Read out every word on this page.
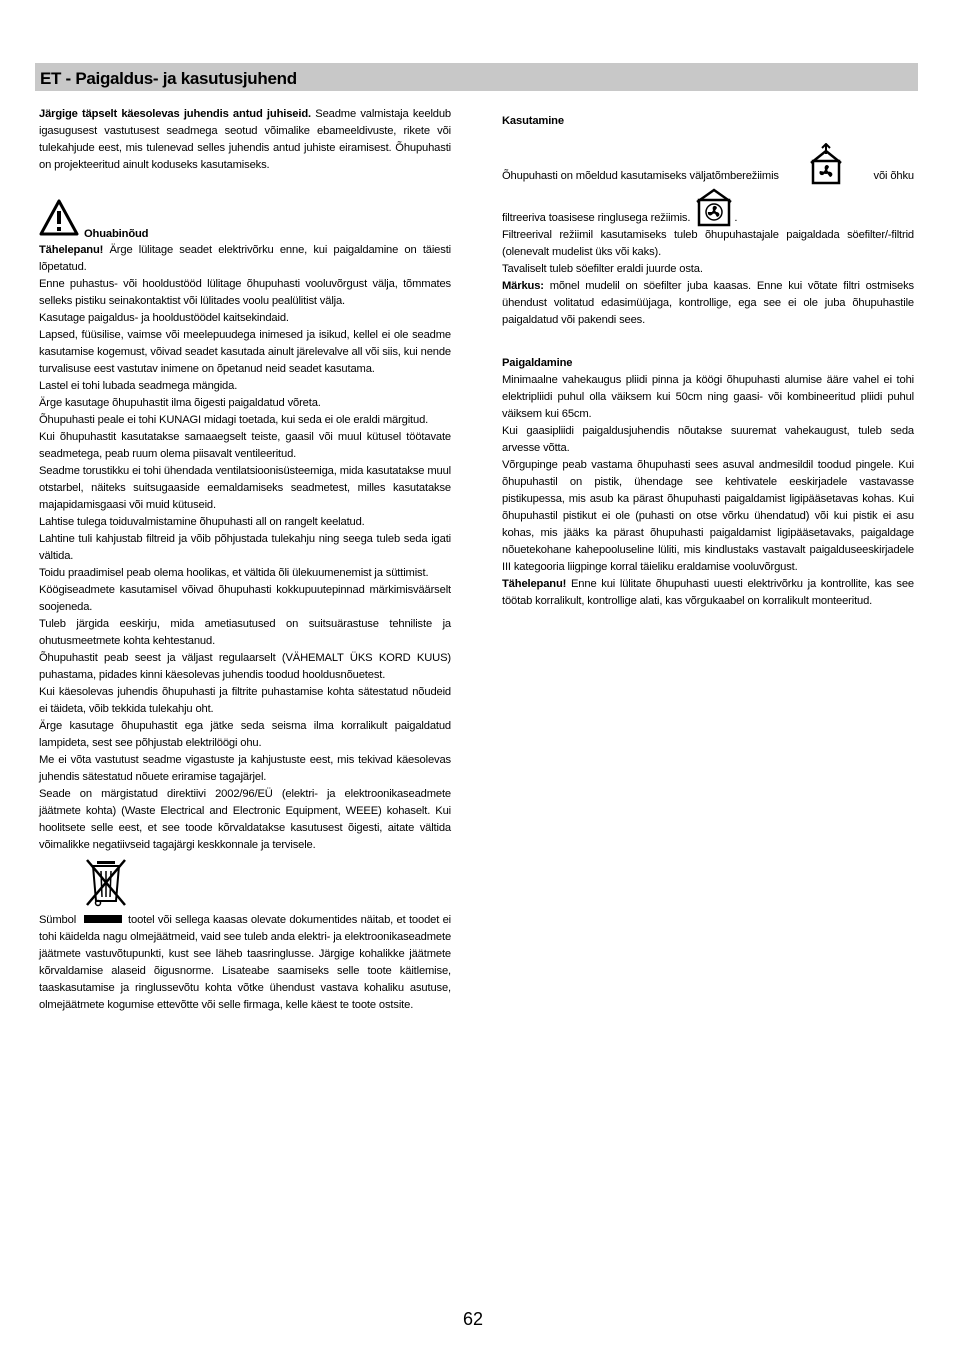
ET - Paigaldus- ja kasutusjuhend

Järgige täpselt käesolevas juhendis antud juhiseid. Seadme valmistaja keeldub igasugusest vastutusest seadmega seotud võimalike ebameeldivuste, rikete või tulekahjude eest, mis tulenevad selles juhendis antud juhiste eiramisest. Õhupuhasti on projekteeritud ainult koduseks kasutamiseks.

Ohuabinõud

Tähelepanu! Ärge lülitage seadet elektrivõrku enne, kui paigaldamine on täiesti lõpetatud.

Enne puhastus- või hooldustööd lülitage õhupuhasti vooluvõrgust välja, tõmmates selleks pistiku seinakontaktist või lülitades voolu pealülitist välja.

Kasutage paigaldus- ja hooldustöödel kaitsekindaid.

Lapsed, füüsilise, vaimse või meelepuudega inimesed ja isikud, kellel ei ole seadme kasutamise kogemust, võivad seadet kasutada ainult järelevalve all või siis, kui nende turvalisuse eest vastutav inimene on õpetanud neid seadet kasutama.

Lastel ei tohi lubada seadmega mängida.

Ärge kasutage õhupuhastit ilma õigesti paigaldatud võreta.

Õhupuhasti peale ei tohi KUNAGI midagi toetada, kui seda ei ole eraldi märgitud.

Kui õhupuhastit kasutatakse samaaegselt teiste, gaasil või muul kütusel töötavate seadmetega, peab ruum olema piisavalt ventileeritud.

Seadme torustikku ei tohi ühendada ventilatsioonisüsteemiga, mida kasutatakse muul otstarbel, näiteks suitsugaaside eemaldamiseks seadmetest, milles kasutatakse majapidamisgaasi või muid kütuseid.

Lahtise tulega toiduvalmistamine õhupuhasti all on rangelt keelatud.

Lahtine tuli kahjustab filtreid ja võib põhjustada tulekahju ning seega tuleb seda igati vältida.

Toidu praadimisel peab olema hoolikas, et vältida õli ülekuumenemist ja süttimist.

Köögiseadmete kasutamisel võivad õhupuhasti kokkupuutepinnad märkimisväärselt soojeneda.

Tuleb järgida eeskirju, mida ametiasutused on suitsuärastuse tehniliste ja ohutusmeetmete kohta kehtestanud.

Õhupuhastit peab seest ja väljast regulaarselt (VÄHEMALT ÜKS KORD KUUS) puhastama, pidades kinni käesolevas juhendis toodud hooldusnõuetest.

Kui käesolevas juhendis õhupuhasti ja filtrite puhastamise kohta sätestatud nõudeid ei täideta, võib tekkida tulekahju oht.

Ärge kasutage õhupuhastit ega jätke seda seisma ilma korralikult paigaldatud lampideta, sest see põhjustab elektrilöögi ohu.

Me ei võta vastutust seadme vigastuste ja kahjustuste eest, mis tekivad käesolevas juhendis sätestatud nõuete eriramise tagajärjel.

Seade on märgistatud direktiivi 2002/96/EÜ (elektri- ja elektroonikaseadmete jäätmete kohta) (Waste Electrical and Electronic Equipment, WEEE) kohaselt. Kui hoolitsete selle eest, et see toode kõrvaldatakse kasutusest õigesti, aitate vältida võimalikke negatiivseid tagajärgi keskkonnale ja tervisele.

Sümbol	tootel või sellega kaasas olevate dokumentides näitab, et toodet ei tohi käidelda nagu olmejäätmeid, vaid see tuleb anda elektri- ja elektroonikaseadmete jäätmete vastuvõtupunkti, kust see läheb taasringlusse. Järgige kohalikke jäätmete kõrvaldamise alaseid õigusnorme. Lisateabe saamiseks selle toote käitlemise, taaskasutamise ja ringlussevõtu kohta võtke ühendust vastava kohaliku asutuse, olmejäätmete kogumise ettevõtte või selle firmaga, kelle käest te toote ostsite.

Kasutamine

Õhupuhasti on mõeldud kasutamiseks väljatõmberežiimis	või õhku
filtreeriva toasisese ringlusega režiimis.	.

Filtreerival režiimil kasutamiseks tuleb õhupuhastajale paigaldada söefilter/-filtrid (olenevalt mudelist üks või kaks).

Tavaliselt tuleb söefilter eraldi juurde osta.

Märkus: mõnel mudelil on söefilter juba kaasas. Enne kui võtate filtri ostmiseks ühendust volitatud edasimüüjaga, kontrollige, ega see ei ole juba õhupuhastile paigaldatud või pakendi sees.

Paigaldamine

Minimaalne vahekaugus pliidi pinna ja köögi õhupuhasti alumise ääre vahel ei tohi elektripliidi puhul olla väiksem kui 50cm ning gaasi- või kombineeritud pliidi puhul väiksem kui 65cm.

Kui gaasipliidi paigaldusjuhendis nõutakse suuremat vahekaugust, tuleb seda arvesse võtta.

Võrgupinge peab vastama õhupuhasti sees asuval andmesildil toodud pingele. Kui õhupuhastil on pistik, ühendage see kehtivatele eeskirjadele vastavasse pistikupessa, mis asub ka pärast õhupuhasti paigaldamist ligipääsetavas kohas. Kui õhupuhastil pistikut ei ole (puhasti on otse võrku ühendatud) või kui pistik ei asu kohas, mis jääks ka pärast õhupuhasti paigaldamist ligipääsetavaks, paigaldage nõuetekohane kahepooluseline lüliti, mis kindlustaks vastavalt paigalduseeskirjadele III kategooria liigpinge korral täieliku eraldamise vooluvõrgust.

Tähelepanu! Enne kui lülitate õhupuhasti uuesti elektrivõrku ja kontrollite, kas see töötab korralikult, kontrollige alati, kas võrgukaabel on korralikult monteeritud.

62
